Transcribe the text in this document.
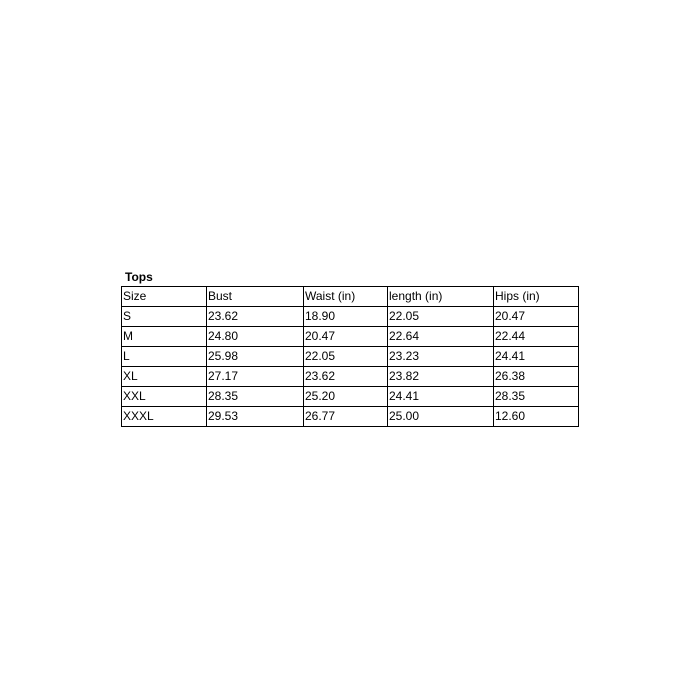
Tops
Size	Bust	Waist (in)	length (in)	Hips (in)
S	23.62	18.90	22.05	20.47
M	24.80	20.47	22.64	22.44
L	25.98	22.05	23.23	24.41
XL	27.17	23.62	23.82	26.38
XXL	28.35	25.20	24.41	28.35
XXXL	29.53	26.77	25.00	12.60
